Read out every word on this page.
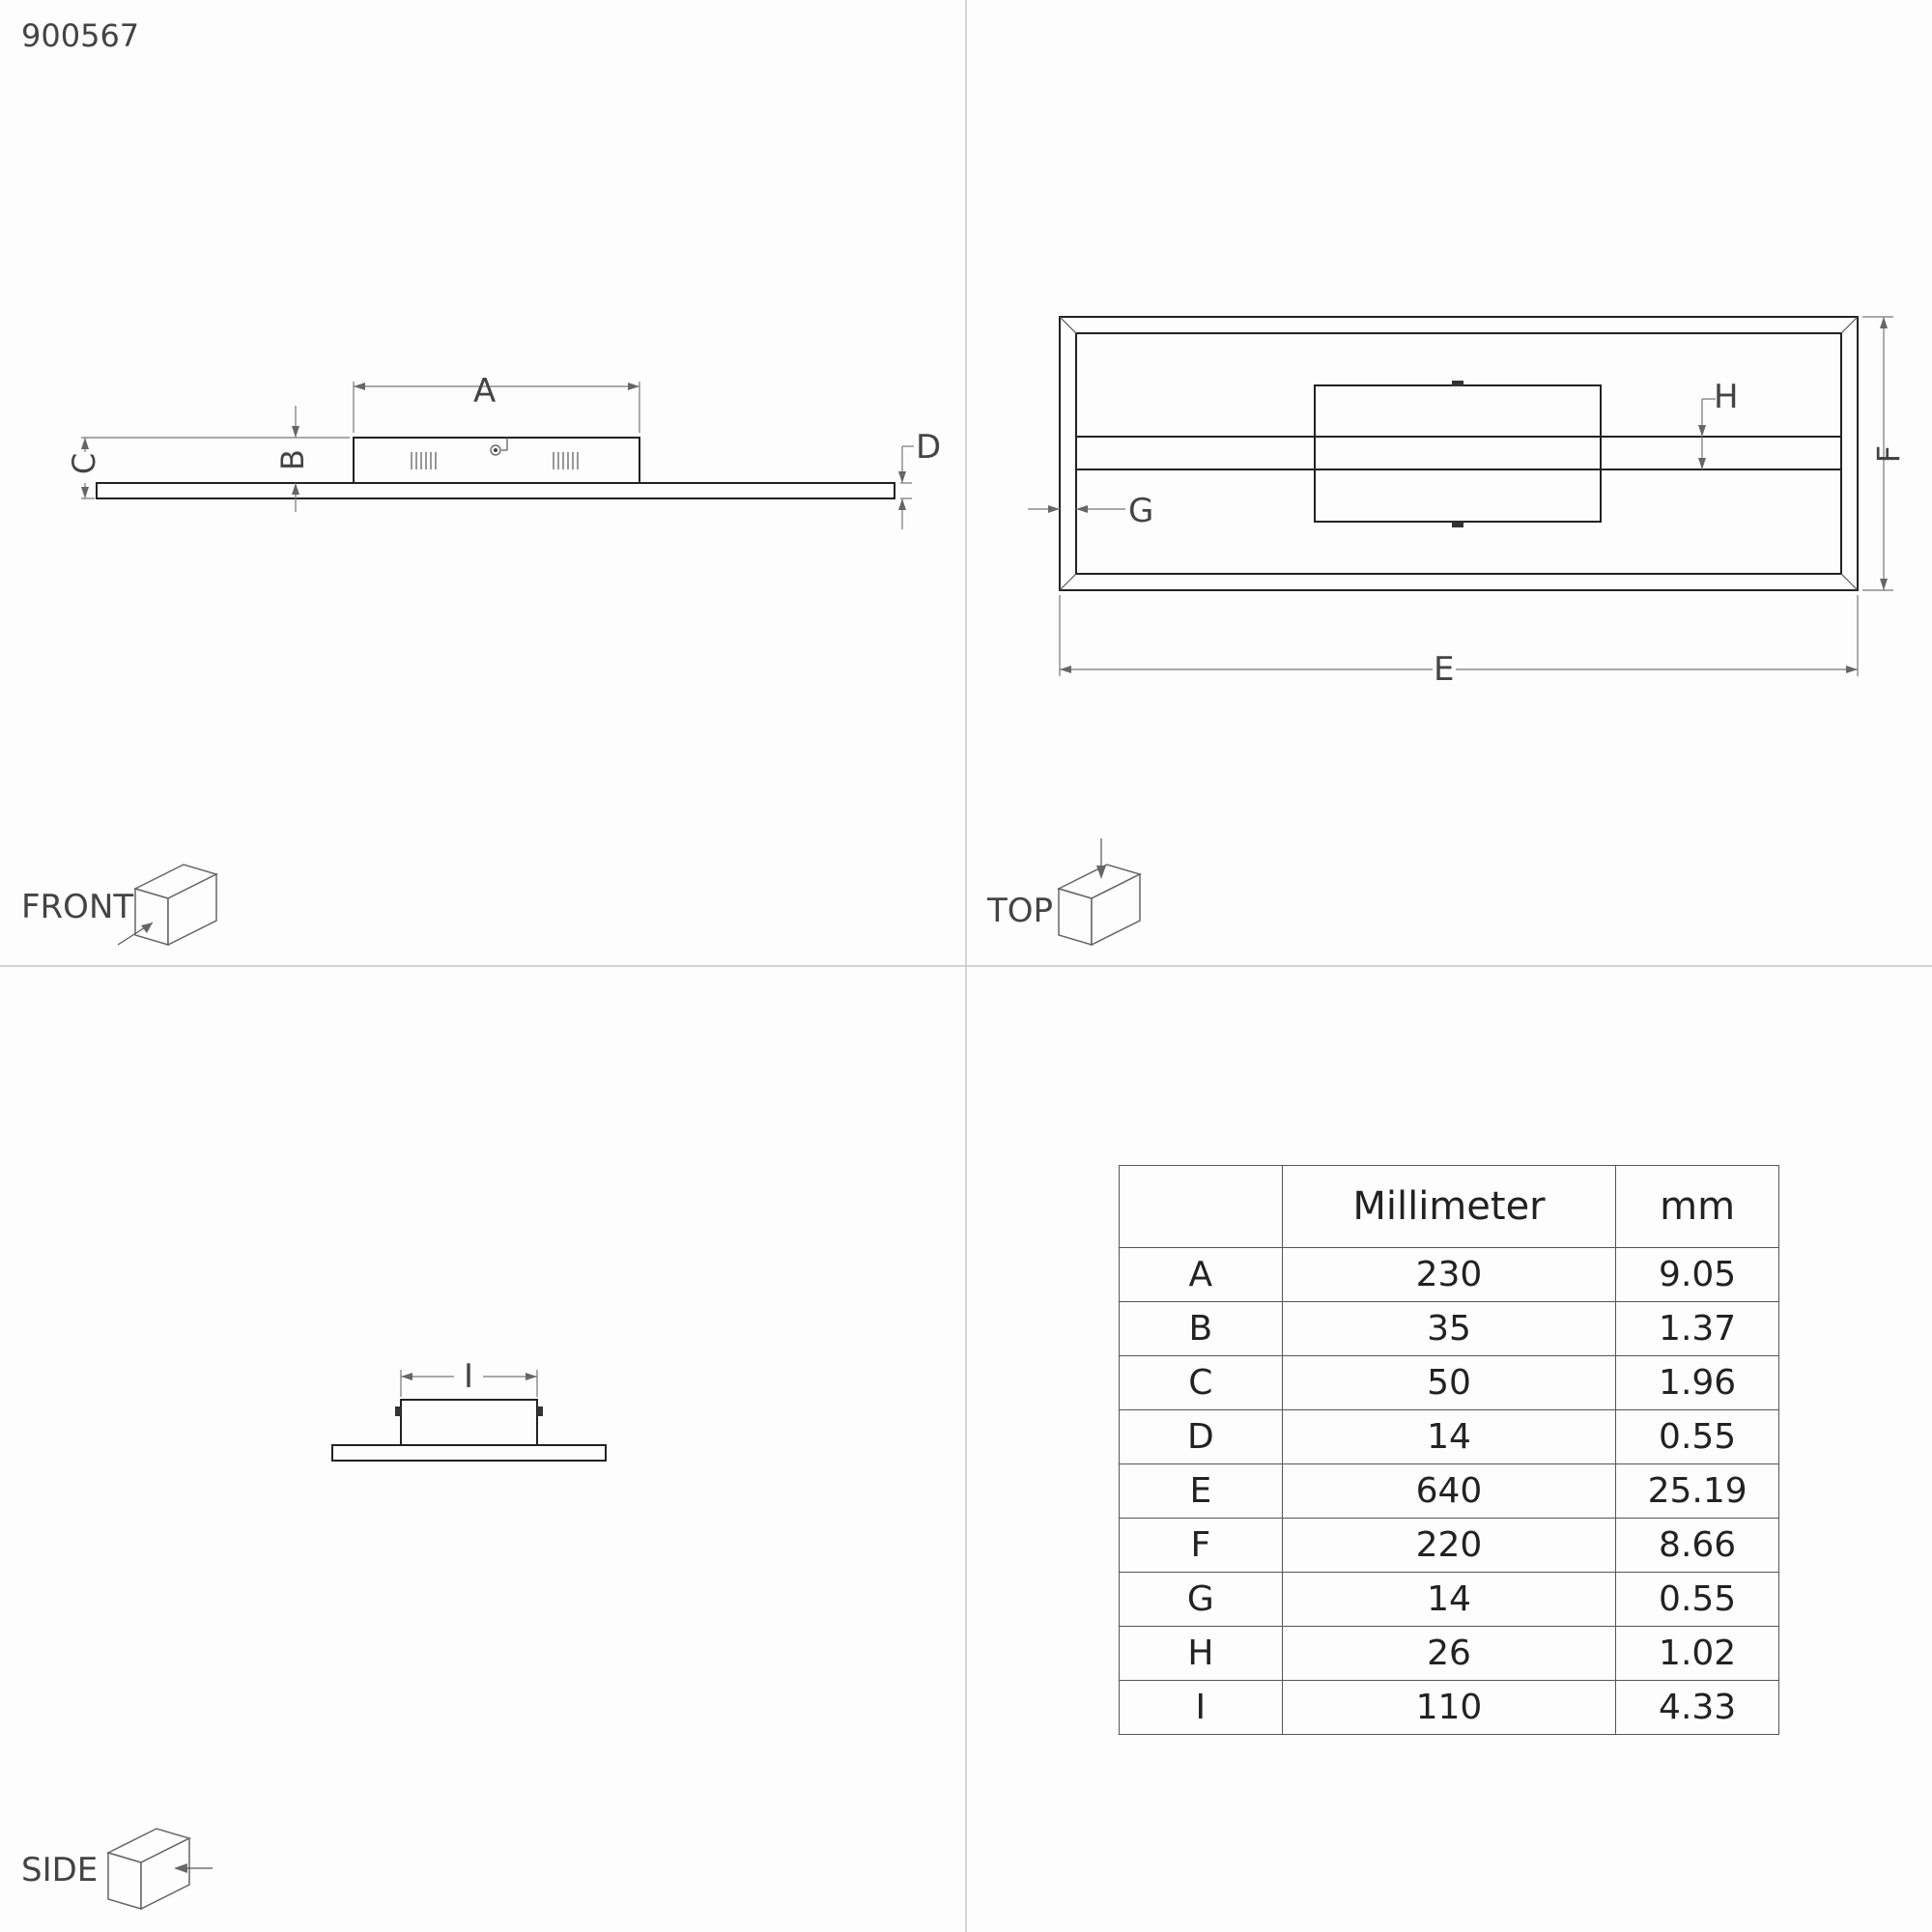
900567
A
B
C	D
FRONT
E
F
G
H
TOP
I
SIDE
	Millimeter	mm
A	230	9.05
B	35	1.37
C	50	1.96
D	14	0.55
E	640	25.19
F	220	8.66
G	14	0.55
H	26	1.02
I	110	4.33
